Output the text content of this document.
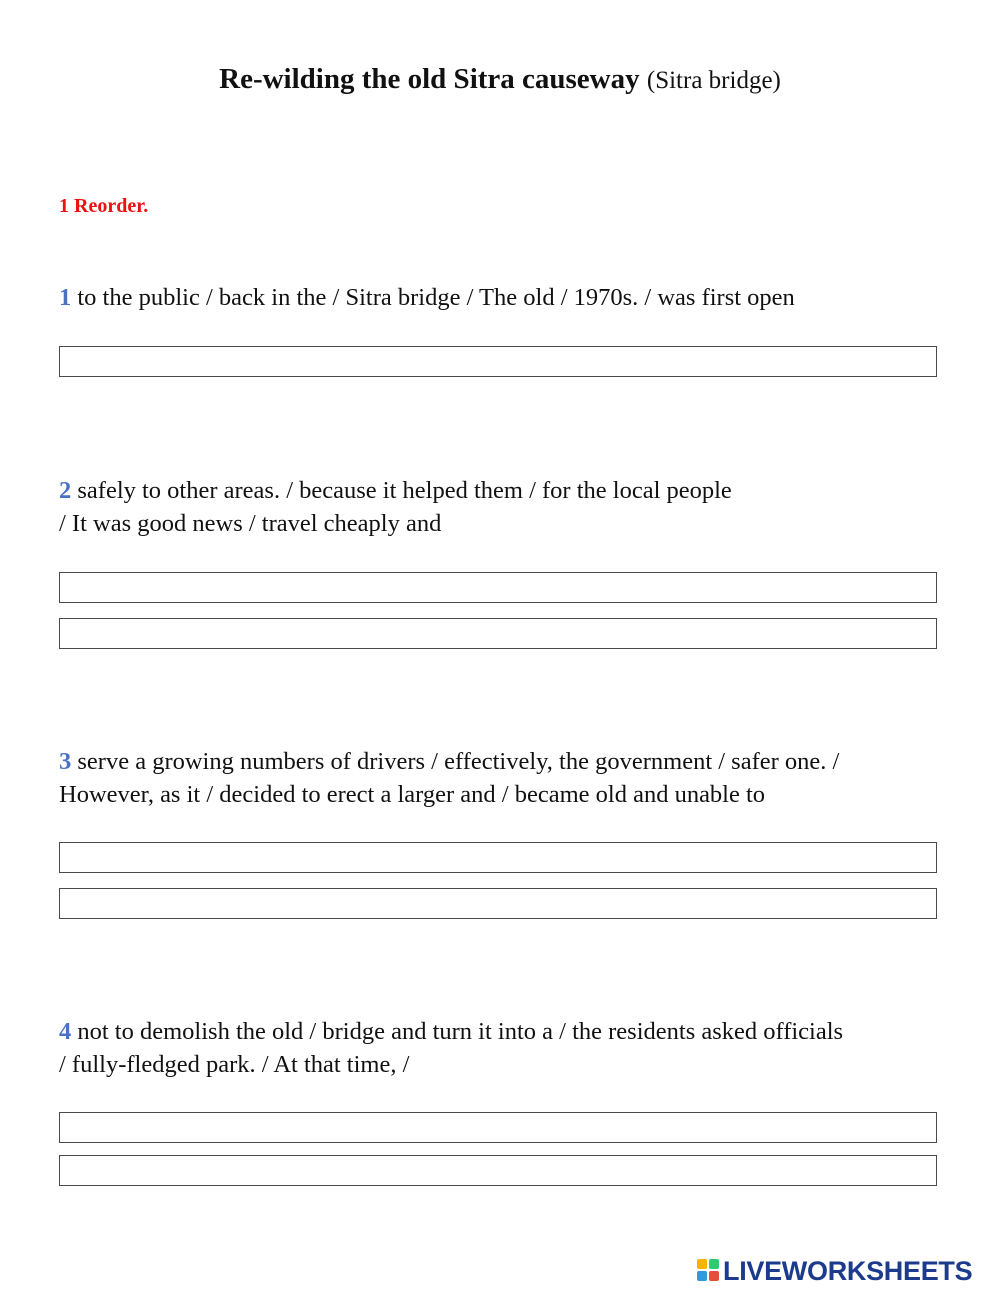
Re-wilding the old Sitra causeway (Sitra bridge)
1 Reorder.
1 to the public / back in the / Sitra bridge / The old / 1970s. / was first open
2 safely to other areas. / because it helped them / for the local people
/ It was good news / travel cheaply and
3 serve a growing numbers of drivers / effectively, the government / safer one. /
However, as it / decided to erect a larger and / became old and unable to
4 not to demolish the old / bridge and turn it into a / the residents asked officials
/ fully-fledged park. / At that time, /
LIVEWORKSHEETS
